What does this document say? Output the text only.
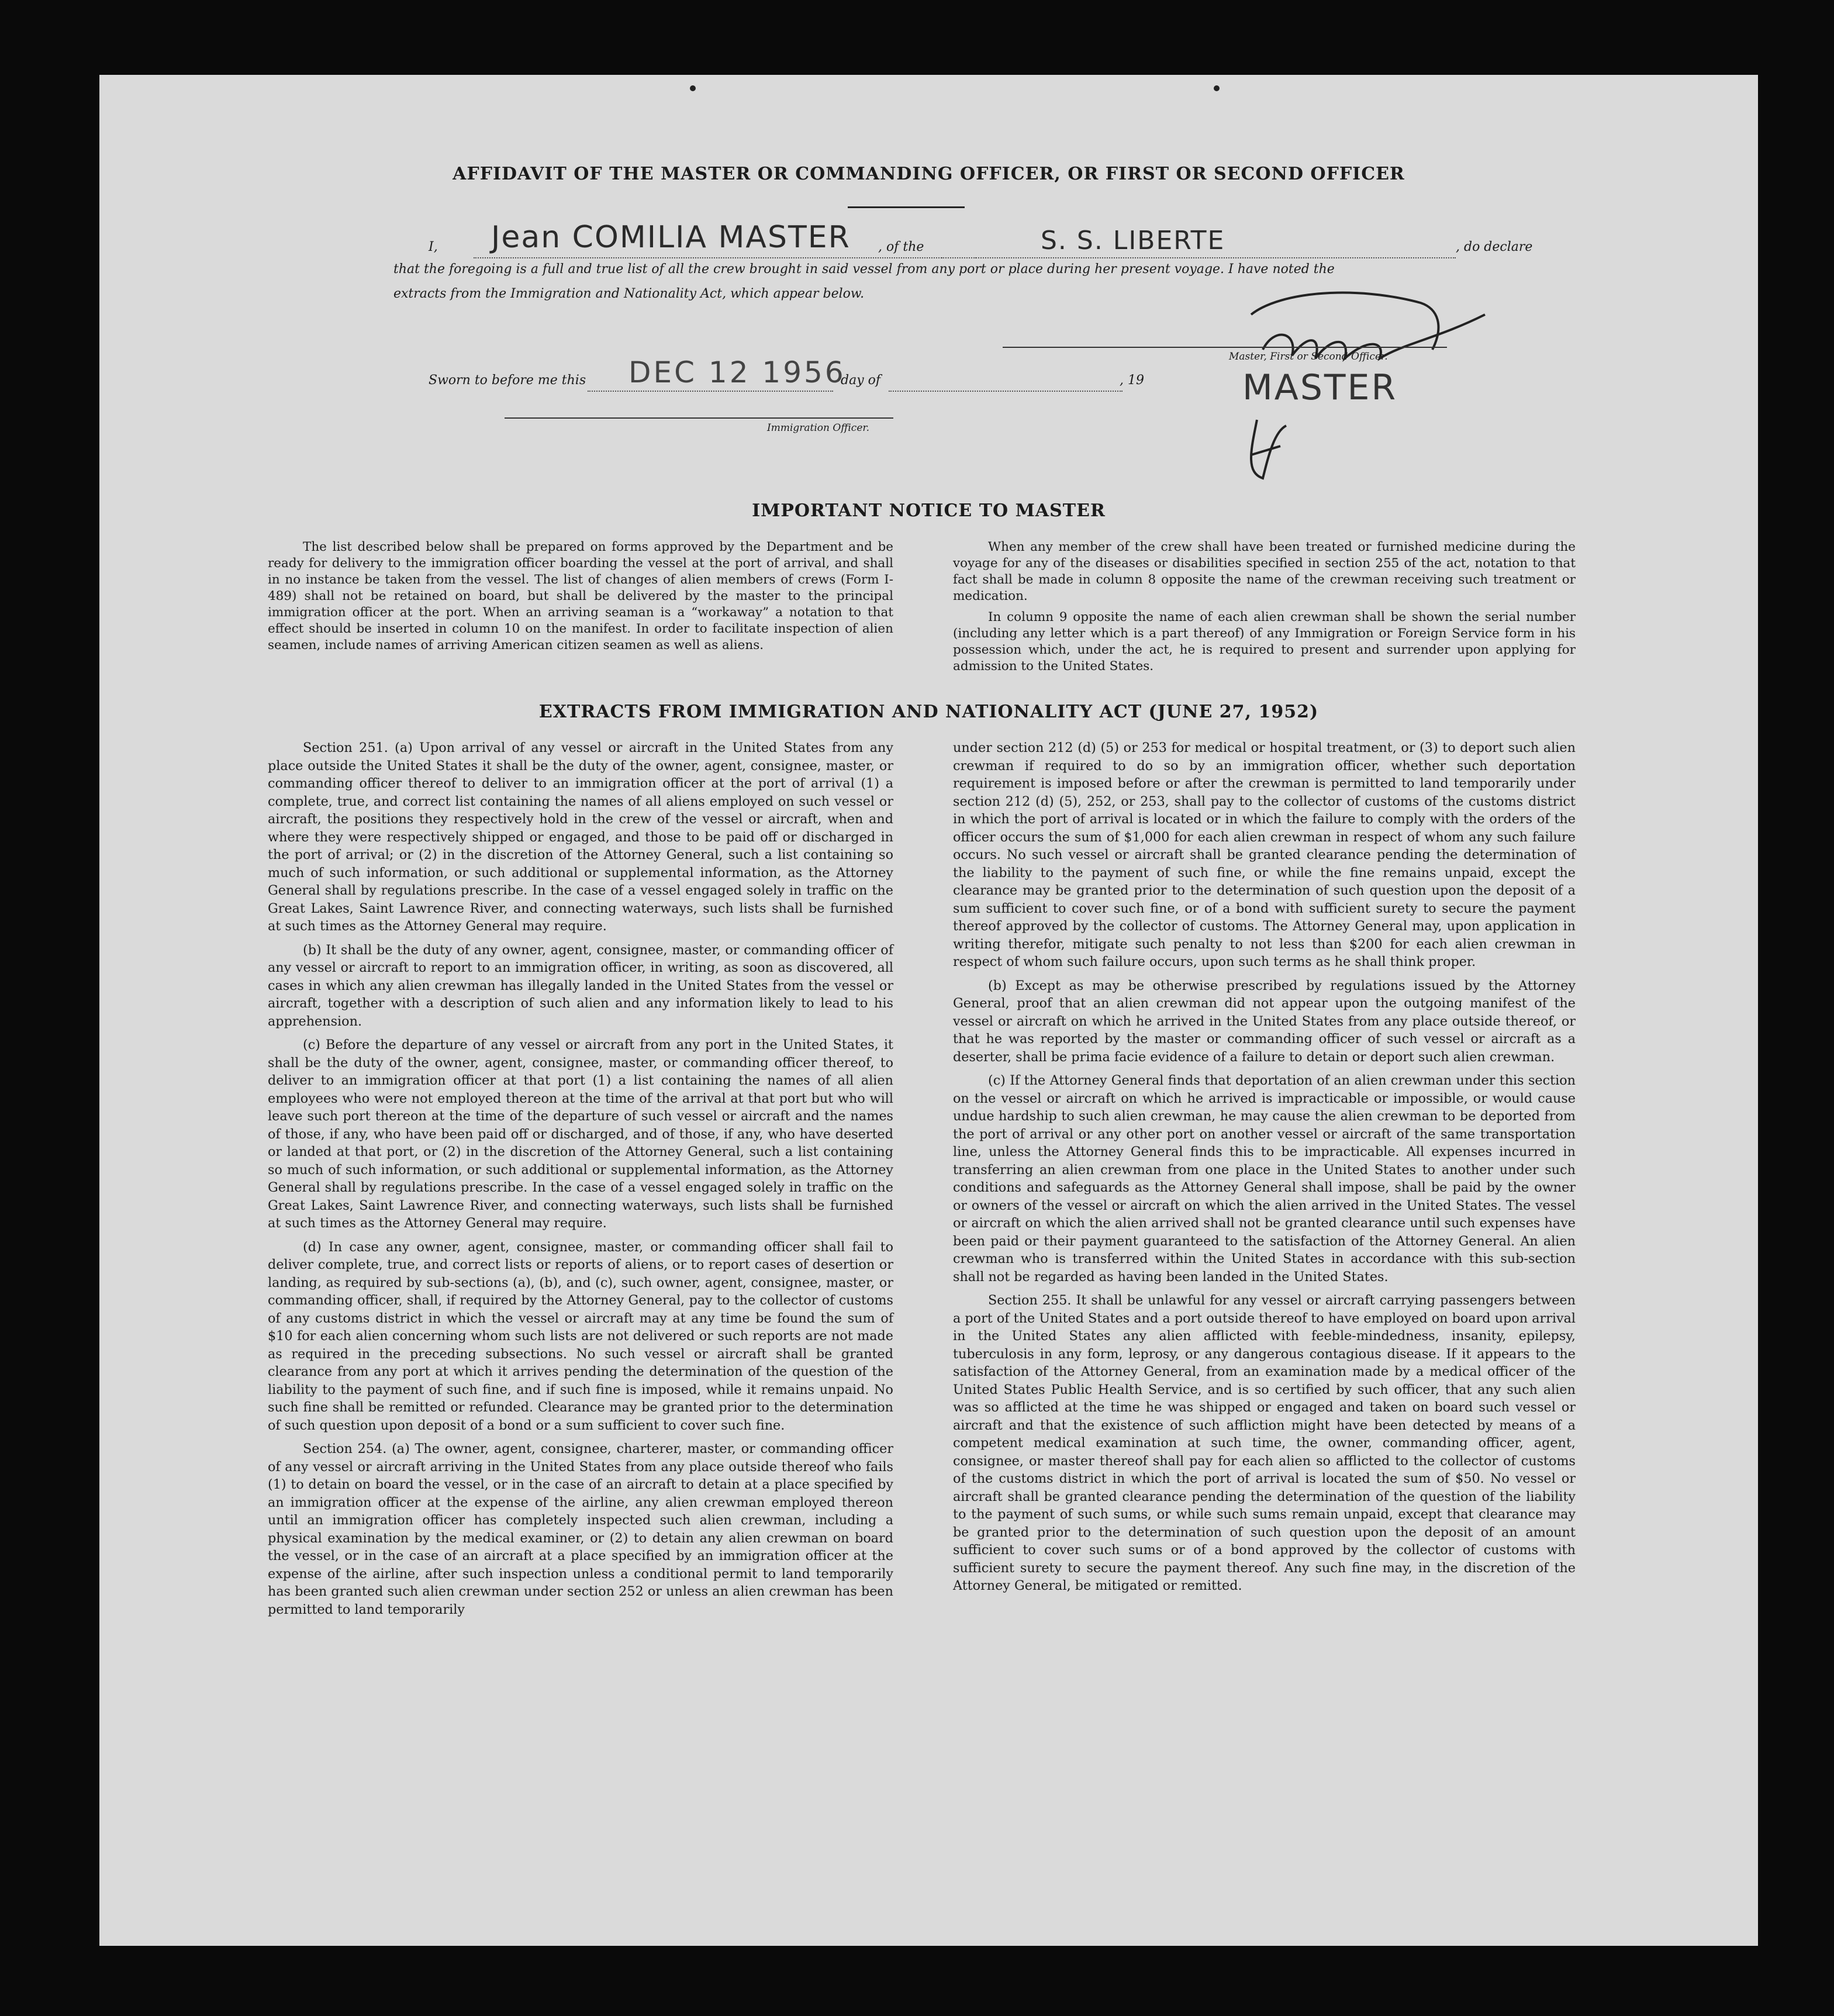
AFFIDAVIT OF THE MASTER OR COMMANDING OFFICER, OR FIRST OR SECOND OFFICER
I, Jean COMILIA MASTER , of the	S. S. LIBERTE	, do declare
that the foregoing is a full and true list of all the crew brought in said vessel from any port or place during her present voyage. I have noted the
extracts from the Immigration and Nationality Act, which appear below.
Master, First or Second Officer.
Sworn to before me this DEC 12 1956
day of	, 19	MASTER
Immigration Officer.
IMPORTANT NOTICE TO MASTER

The list described below shall be prepared on forms approved by the Department and be ready for delivery to the immigration officer boarding the vessel at the port of arrival, and shall in no instance be taken from the vessel. The list of changes of alien members of crews (Form I-489) shall not be retained on board, but shall be delivered by the master to the principal immigration officer at the port. When an arriving seaman is a “workaway” a notation to that effect should be inserted in column 10 on the manifest. In order to facilitate inspection of alien seamen, include names of arriving American citizen seamen as well as aliens.

When any member of the crew shall have been treated or furnished medicine during the voyage for any of the diseases or disabilities specified in section 255 of the act, notation to that fact shall be made in column 8 opposite the name of the crewman receiving such treatment or medication.

In column 9 opposite the name of each alien crewman shall be shown the serial number (including any letter which is a part thereof) of any Immigration or Foreign Service form in his possession which, under the act, he is required to present and surrender upon applying for admission to the United States.

EXTRACTS FROM IMMIGRATION AND NATIONALITY ACT (JUNE 27, 1952)

Section 251. (a) Upon arrival of any vessel or aircraft in the United States from any place outside the United States it shall be the duty of the owner, agent, consignee, master, or commanding officer thereof to deliver to an immigration officer at the port of arrival (1) a complete, true, and correct list containing the names of all aliens employed on such vessel or aircraft, the positions they respectively hold in the crew of the vessel or aircraft, when and where they were respectively shipped or engaged, and those to be paid off or discharged in the port of arrival; or (2) in the discretion of the Attorney General, such a list containing so much of such information, or such additional or supplemental information, as the Attorney General shall by regulations prescribe. In the case of a vessel engaged solely in traffic on the Great Lakes, Saint Lawrence River, and connecting waterways, such lists shall be furnished at such times as the Attorney General may require.

(b) It shall be the duty of any owner, agent, consignee, master, or commanding officer of any vessel or aircraft to report to an immigration officer, in writing, as soon as discovered, all cases in which any alien crewman has illegally landed in the United States from the vessel or aircraft, together with a description of such alien and any information likely to lead to his apprehension.

(c) Before the departure of any vessel or aircraft from any port in the United States, it shall be the duty of the owner, agent, consignee, master, or commanding officer thereof, to deliver to an immigration officer at that port (1) a list containing the names of all alien employees who were not employed thereon at the time of the arrival at that port but who will leave such port thereon at the time of the departure of such vessel or aircraft and the names of those, if any, who have been paid off or discharged, and of those, if any, who have deserted or landed at that port, or (2) in the discretion of the Attorney General, such a list containing so much of such information, or such additional or supplemental information, as the Attorney General shall by regulations prescribe. In the case of a vessel engaged solely in traffic on the Great Lakes, Saint Lawrence River, and connecting waterways, such lists shall be furnished at such times as the Attorney General may require.

(d) In case any owner, agent, consignee, master, or commanding officer shall fail to deliver complete, true, and correct lists or reports of aliens, or to report cases of desertion or landing, as required by sub-sections (a), (b), and (c), such owner, agent, consignee, master, or commanding officer, shall, if required by the Attorney General, pay to the collector of customs of any customs district in which the vessel or aircraft may at any time be found the sum of $10 for each alien concerning whom such lists are not delivered or such reports are not made as required in the preceding subsections. No such vessel or aircraft shall be granted clearance from any port at which it arrives pending the determination of the question of the liability to the payment of such fine, and if such fine is imposed, while it remains unpaid. No such fine shall be remitted or refunded. Clearance may be granted prior to the determination of such question upon deposit of a bond or a sum sufficient to cover such fine.

Section 254. (a) The owner, agent, consignee, charterer, master, or commanding officer of any vessel or aircraft arriving in the United States from any place outside thereof who fails (1) to detain on board the vessel, or in the case of an aircraft to detain at a place specified by an immigration officer at the expense of the airline, any alien crewman employed thereon until an immigration officer has completely inspected such alien crewman, including a physical examination by the medical examiner, or (2) to detain any alien crewman on board the vessel, or in the case of an aircraft at a place specified by an immigration officer at the expense of the airline, after such inspection unless a conditional permit to land temporarily has been granted such alien crewman under section 252 or unless an alien crewman has been permitted to land temporarily

under section 212 (d) (5) or 253 for medical or hospital treatment, or (3) to deport such alien crewman if required to do so by an immigration officer, whether such deportation requirement is imposed before or after the crewman is permitted to land temporarily under section 212 (d) (5), 252, or 253, shall pay to the collector of customs of the customs district in which the port of arrival is located or in which the failure to comply with the orders of the officer occurs the sum of $1,000 for each alien crewman in respect of whom any such failure occurs. No such vessel or aircraft shall be granted clearance pending the determination of the liability to the payment of such fine, or while the fine remains unpaid, except the clearance may be granted prior to the determination of such question upon the deposit of a sum sufficient to cover such fine, or of a bond with sufficient surety to secure the payment thereof approved by the collector of customs. The Attorney General may, upon application in writing therefor, mitigate such penalty to not less than $200 for each alien crewman in respect of whom such failure occurs, upon such terms as he shall think proper.

(b) Except as may be otherwise prescribed by regulations issued by the Attorney General, proof that an alien crewman did not appear upon the outgoing manifest of the vessel or aircraft on which he arrived in the United States from any place outside thereof, or that he was reported by the master or commanding officer of such vessel or aircraft as a deserter, shall be prima facie evidence of a failure to detain or deport such alien crewman.

(c) If the Attorney General finds that deportation of an alien crewman under this section on the vessel or aircraft on which he arrived is impracticable or impossible, or would cause undue hardship to such alien crewman, he may cause the alien crewman to be deported from the port of arrival or any other port on another vessel or aircraft of the same transportation line, unless the Attorney General finds this to be impracticable. All expenses incurred in transferring an alien crewman from one place in the United States to another under such conditions and safeguards as the Attorney General shall impose, shall be paid by the owner or owners of the vessel or aircraft on which the alien arrived in the United States. The vessel or aircraft on which the alien arrived shall not be granted clearance until such expenses have been paid or their payment guaranteed to the satisfaction of the Attorney General. An alien crewman who is transferred within the United States in accordance with this sub-section shall not be regarded as having been landed in the United States.

Section 255. It shall be unlawful for any vessel or aircraft carrying passengers between a port of the United States and a port outside thereof to have employed on board upon arrival in the United States any alien afflicted with feeble-mindedness, insanity, epilepsy, tuberculosis in any form, leprosy, or any dangerous contagious disease. If it appears to the satisfaction of the Attorney General, from an examination made by a medical officer of the United States Public Health Service, and is so certified by such officer, that any such alien was so afflicted at the time he was shipped or engaged and taken on board such vessel or aircraft and that the existence of such affliction might have been detected by means of a competent medical examination at such time, the owner, commanding officer, agent, consignee, or master thereof shall pay for each alien so afflicted to the collector of customs of the customs district in which the port of arrival is located the sum of $50. No vessel or aircraft shall be granted clearance pending the determination of the question of the liability to the payment of such sums, or while such sums remain unpaid, except that clearance may be granted prior to the determination of such question upon the deposit of an amount sufficient to cover such sums or of a bond approved by the collector of customs with sufficient surety to secure the payment thereof. Any such fine may, in the discretion of the Attorney General, be mitigated or remitted.
